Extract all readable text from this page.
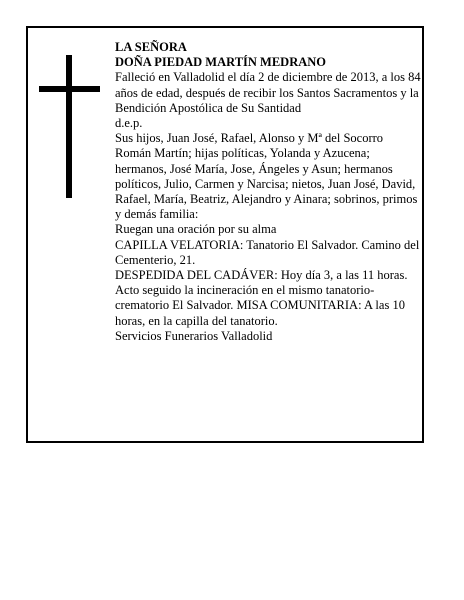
LA SEÑORA

DOÑA PIEDAD MARTÍN MEDRANO

Falleció en Valladolid el día 2 de diciembre de 2013, a los 84 años de edad, después de recibir los Santos Sacramentos y la Bendición Apostólica de Su Santidad

d.e.p.

Sus hijos, Juan José, Rafael, Alonso y Mª del Socorro Román Martín; hijas políticas, Yolanda y Azucena; hermanos, José María, Jose, Ángeles y Asun; hermanos políticos, Julio, Carmen y Narcisa; nietos, Juan José, David, Rafael, María, Beatriz, Alejandro y Ainara; sobrinos, primos y demás familia:

Ruegan una oración por su alma

CAPILLA VELATORIA: Tanatorio El Salvador. Camino del Cementerio, 21.

DESPEDIDA DEL CADÁVER: Hoy día 3, a las 11 horas. Acto seguido la incineración en el mismo tanatorio-crematorio El Salvador. MISA COMUNITARIA: A las 10 horas, en la capilla del tanatorio.

Servicios Funerarios Valladolid
